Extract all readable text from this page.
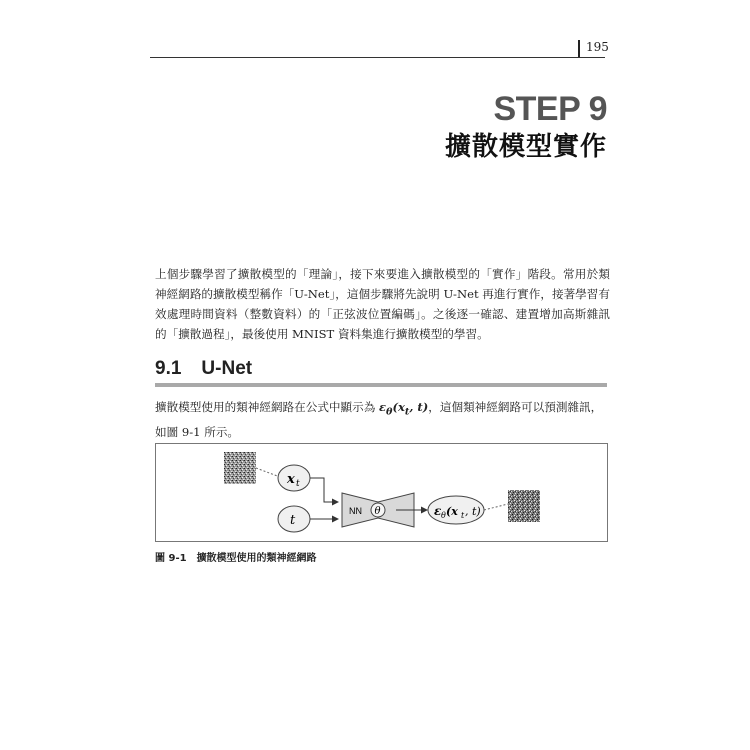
195
STEP 9
擴散模型實作
上個步驟學習了擴散模型的「理論」，接下來要進入擴散模型的「實作」階段。常用於類神經網路的擴散模型稱作「U-Net」，這個步驟將先說明 U-Net 再進行實作，接著學習有效處理時間資料（整數資料）的「正弦波位置編碼」。之後逐一確認、建置增加高斯雜訊的「擴散過程」，最後使用 MNIST 資料集進行擴散模型的學習。
9.1 U-Net
擴散模型使用的類神經網路在公式中顯示為 $\varepsilon_\theta(x_t$, t)，這個類神經網路可以預測雜訊，如圖 9-1 所示。
x t
t
NN θ	ε θ (x t , t)
圖 9-1 擴散模型使用的類神經網路
